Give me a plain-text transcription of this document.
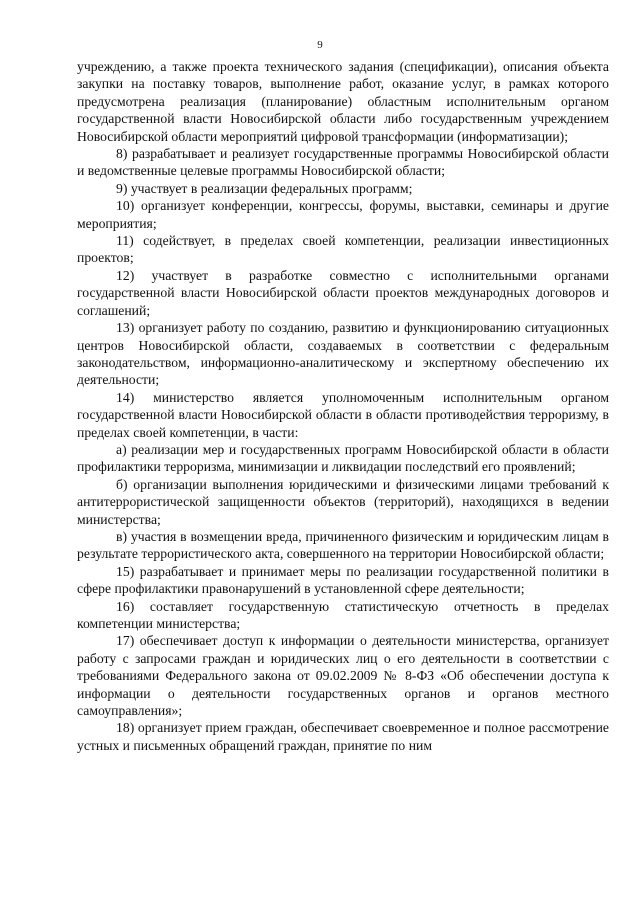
9

учреждению, а также проекта технического задания (спецификации), описания объекта закупки на поставку товаров, выполнение работ, оказание услуг, в рамках которого предусмотрена реализация (планирование) областным исполнительным органом государственной власти Новосибирской области либо государственным учреждением Новосибирской области мероприятий цифровой трансформации (информатизации);

8) разрабатывает и реализует государственные программы Новосибирской области и ведомственные целевые программы Новосибирской области;

9) участвует в реализации федеральных программ;

10) организует конференции, конгрессы, форумы, выставки, семинары и другие мероприятия;

11) содействует, в пределах своей компетенции, реализации инвестиционных проектов;

12) участвует в разработке совместно с исполнительными органами государственной власти Новосибирской области проектов международных договоров и соглашений;

13) организует работу по созданию, развитию и функционированию ситуационных центров Новосибирской области, создаваемых в соответствии с федеральным законодательством, информационно-аналитическому и экспертному обеспечению их деятельности;

14) министерство является уполномоченным исполнительным органом государственной власти Новосибирской области в области противодействия терроризму, в пределах своей компетенции, в части:

а) реализации мер и государственных программ Новосибирской области в области профилактики терроризма, минимизации и ликвидации последствий его проявлений;

б) организации выполнения юридическими и физическими лицами требований к антитеррористической защищенности объектов (территорий), находящихся в ведении министерства;

в) участия в возмещении вреда, причиненного физическим и юридическим лицам в результате террористического акта, совершенного на территории Новосибирской области;

15) разрабатывает и принимает меры по реализации государственной политики в сфере профилактики правонарушений в установленной сфере деятельности;

16) составляет государственную статистическую отчетность в пределах компетенции министерства;

17) обеспечивает доступ к информации о деятельности министерства, организует работу с запросами граждан и юридических лиц о его деятельности в соответствии с требованиями Федерального закона от 09.02.2009 № 8-ФЗ «Об обеспечении доступа к информации о деятельности государственных органов и органов местного самоуправления»;

18) организует прием граждан, обеспечивает своевременное и полное рассмотрение устных и письменных обращений граждан, принятие по ним
